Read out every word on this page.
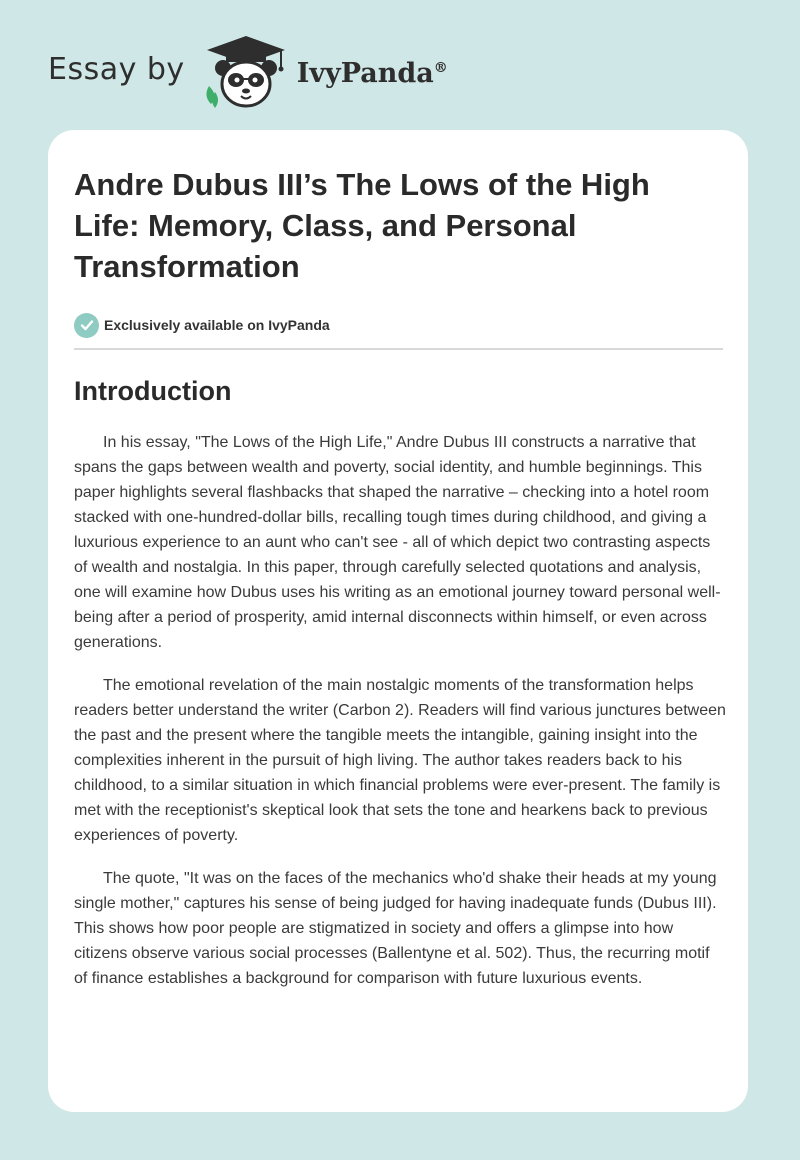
Essay by	IvyPanda®
Andre Dubus III’s The Lows of the High Life: Memory, Class, and Personal Transformation
Exclusively available on IvyPanda
Introduction

In his essay, "The Lows of the High Life," Andre Dubus III constructs a narrative that spans the gaps between wealth and poverty, social identity, and humble beginnings. This paper highlights several flashbacks that shaped the narrative – checking into a hotel room stacked with one-hundred-dollar bills, recalling tough times during childhood, and giving a luxurious experience to an aunt who can't see - all of which depict two contrasting aspects of wealth and nostalgia. In this paper, through carefully selected quotations and analysis, one will examine how Dubus uses his writing as an emotional journey toward personal well-being after a period of prosperity, amid internal disconnects within himself, or even across generations.

The emotional revelation of the main nostalgic moments of the transformation helps readers better understand the writer (Carbon 2). Readers will find various junctures between the past and the present where the tangible meets the intangible, gaining insight into the complexities inherent in the pursuit of high living. The author takes readers back to his childhood, to a similar situation in which financial problems were ever-present. The family is met with the receptionist's skeptical look that sets the tone and hearkens back to previous experiences of poverty.

The quote, "It was on the faces of the mechanics who'd shake their heads at my young single mother," captures his sense of being judged for having inadequate funds (Dubus III). This shows how poor people are stigmatized in society and offers a glimpse into how citizens observe various social processes (Ballentyne et al. 502). Thus, the recurring motif of finance establishes a background for comparison with future luxurious events.
